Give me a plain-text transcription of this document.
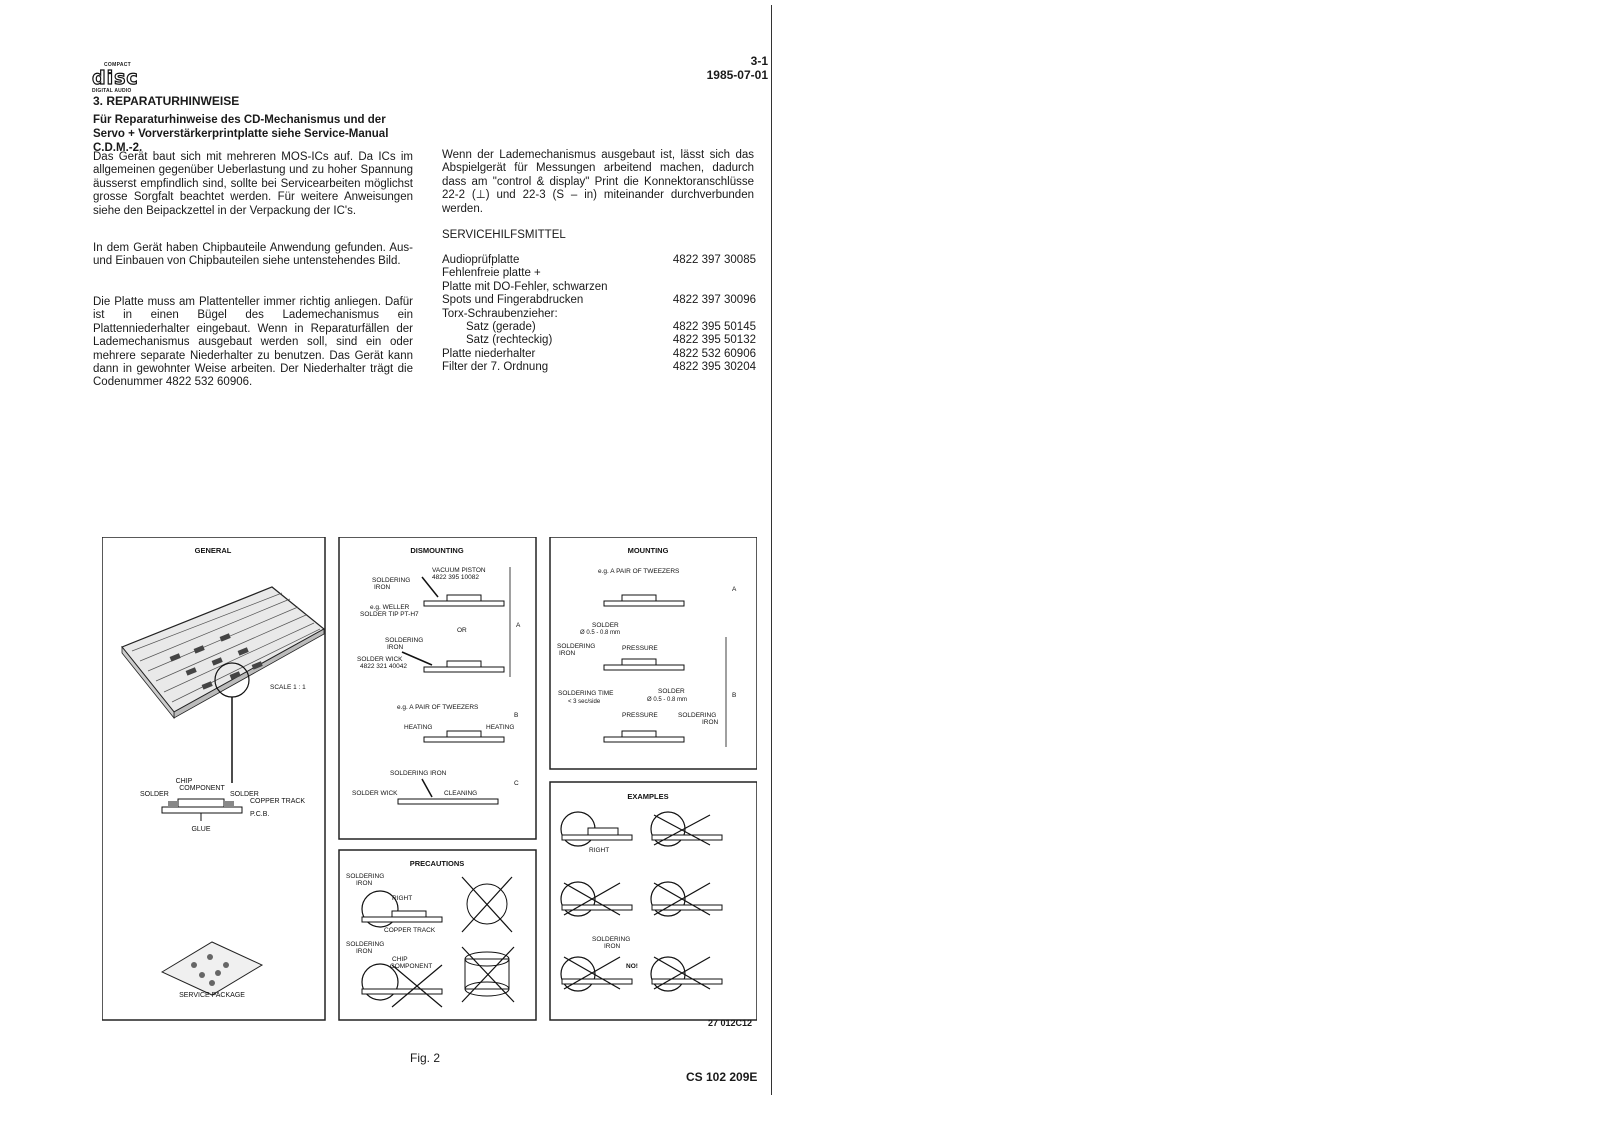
COMPACT
disc
DIGITAL AUDIO
3-1
1985-07-01
3. REPARATURHINWEISE
Für Reparaturhinweise des CD-Mechanismus und der Servo + Vorverstärkerprintplatte siehe Service-Manual C.D.M.-2.
Das Gerät baut sich mit mehreren MOS-ICs auf. Da ICs im allgemeinen gegenüber Ueberlastung und zu hoher Spannung äusserst empfindlich sind, sollte bei Servicearbeiten möglichst grosse Sorgfalt beachtet werden. Für weitere Anweisungen siehe den Beipackzettel in der Verpackung der IC's.
In dem Gerät haben Chipbauteile Anwendung gefunden. Aus- und Einbauen von Chipbauteilen siehe untenstehendes Bild.
Die Platte muss am Plattenteller immer richtig anliegen. Dafür ist in einen Bügel des Lademechanismus ein Plattenniederhalter eingebaut. Wenn in Reparaturfällen der Lademechanismus ausgebaut werden soll, sind ein oder mehrere separate Niederhalter zu benutzen. Das Gerät kann dann in gewohnter Weise arbeiten. Der Niederhalter trägt die Codenummer 4822 532 60906.
Wenn der Lademechanismus ausgebaut ist, lässt sich das Abspielgerät für Messungen arbeitend machen, dadurch dass am "control & display" Print die Konnektoranschlüsse 22-2 (⊥) und 22-3 (S – in) miteinander durchverbunden werden.
SERVICEHILFSMITTEL
Audioprüfplatte	4822 397 30085
Fehlenfreie platte +
Platte mit DO-Fehler, schwarzen
Spots und Fingerabdrucken	4822 397 30096
Torx-Schraubenzieher:
Satz (gerade)	4822 395 50145
Satz (rechteckig)	4822 395 50132
Platte niederhalter	4822 532 60906
Filter der 7. Ordnung	4822 395 30204
GENERAL
SCALE 1 : 1
CHIP
COMPONENT
SOLDER	SOLDER
COPPER TRACK
P.C.B.
GLUE
SERVICE PACKAGE
DISMOUNTING
VACUUM PISTON
4822 395 10082
SOLDERING
IRON
e.g. WELLER
SOLDER TIP PT-H7
OR
SOLDERING
IRON
SOLDER WICK
4822 321 40042
A
e.g. A PAIR OF TWEEZERS
B
HEATING	HEATING
SOLDERING IRON
C
SOLDER WICK	CLEANING
MOUNTING
e.g. A PAIR OF TWEEZERS
A
SOLDER
Ø 0.5 - 0.8 mm
SOLDERING
IRON
PRESSURE
SOLDERING TIME
< 3 sec/side
SOLDER
Ø 0.5 - 0.8 mm
B
PRESSURE	SOLDERING
IRON
PRECAUTIONS
SOLDERING
IRON
RIGHT
COPPER TRACK
SOLDERING
IRON
CHIP
COMPONENT
EXAMPLES
RIGHT
SOLDERING
IRON
NO!
27 012C12
Fig. 2
CS 102 209E
